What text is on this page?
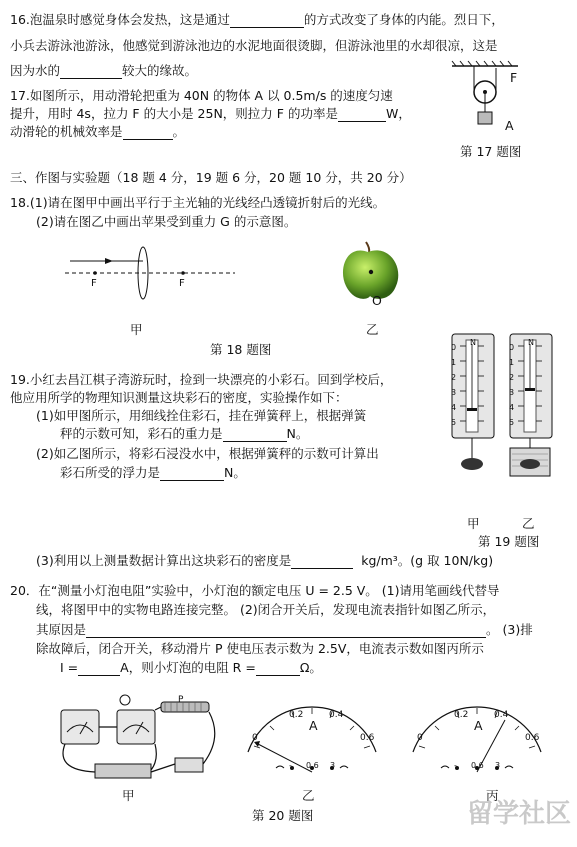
16.泡温泉时感觉身体会发热，这是通过	的方式改变了身体的内能。烈日下，
小兵去游泳池游泳，他感觉到游泳池边的水泥地面很烫脚，但游泳池里的水却很凉，这是
因为水的	较大的缘故。
17.如图所示，用动滑轮把重为 40N 的物体 A 以 0.5m/s 的速度匀速
提升，用时 4s，拉力 F 的大小是 25N，则拉力 F 的功率是	W，
动滑轮的机械效率是	。
F
A
第 17 题图
三、作图与实验题（18 题 4 分，19 题 6 分，20 题 10 分，共 20 分）
18.(1)请在图甲中画出平行于主光轴的光线经凸透镜折射后的光线。
(2)请在图乙中画出苹果受到重力 G 的示意图。
F	F
O
甲	乙
第 18 题图
19.小红去昌江棋子湾游玩时，捡到一块漂亮的小彩石。回到学校后，
他应用所学的物理知识测量这块彩石的密度，实验操作如下：
(1)如甲图所示，用细线拴住彩石，挂在弹簧秤上，根据弹簧
秤的示数可知，彩石的重力是	N。
(2)如乙图所示，将彩石浸没水中，根据弹簧秤的示数可计算出
彩石所受的浮力是	N。
0
1
2
3
4
5
0
1
2
3
4
5
N	N
甲	乙
第 19 题图
(3)利用以上测量数据计算出这块彩石的密度是	kg/m³。(g 取 10N/kg)
20．在“测量小灯泡电阻”实验中，小灯泡的额定电压 U = 2.5 V。 (1)请用笔画线代替导
线，将图甲中的实物电路连接完整。 (2)闭合开关后，发现电流表指针如图乙所示，
其原因是	。 (3)排
除故障后，闭合开关，移动滑片 P 使电压表示数为 2.5V，电流表示数如图丙所示
I =	A，则小灯泡的电阻 R =	Ω。
P
0
0.2	0.4
0.6
A
- 0.6 3
0
0.2	0.4
0.6
A
- 0.6 3
甲	乙	丙
第 20 题图	留学社区
